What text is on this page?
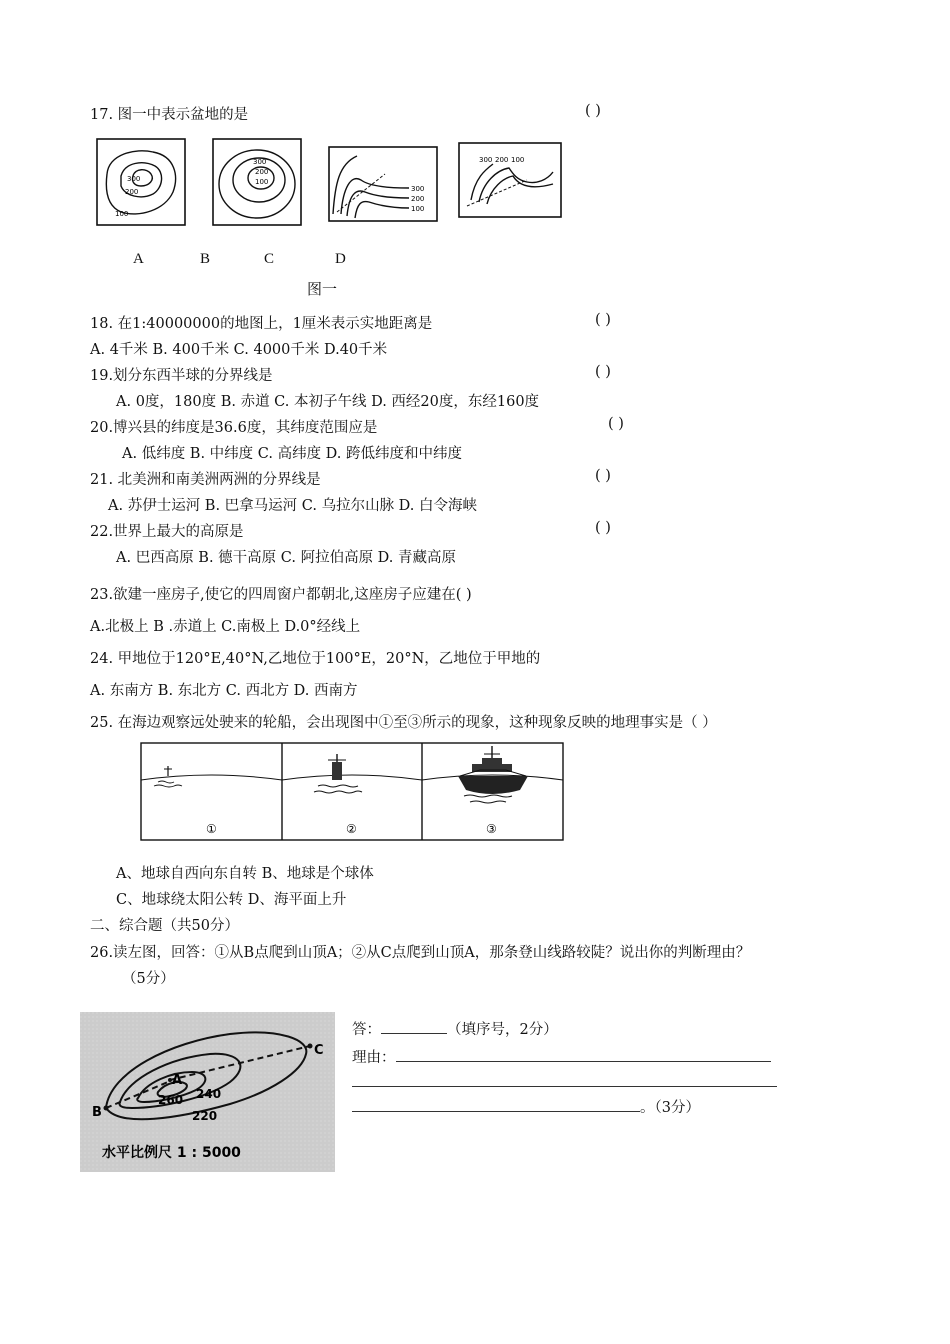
17. 图一中表示盆地的是	( )
300
200
100
300
200
100
300
200
100
300 200 100
A	B	C	D
图一
18. 在1:40000000的地图上，1厘米表示实地距离是	( )
A. 4千米 B. 400千米 C. 4000千米 D.40千米
19.划分东西半球的分界线是	( )
A. 0度，180度 B. 赤道 C. 本初子午线 D. 西经20度，东经160度
20.博兴县的纬度是36.6度，其纬度范围应是	( )
A. 低纬度 B. 中纬度 C. 高纬度 D. 跨低纬度和中纬度
21. 北美洲和南美洲两洲的分界线是	( )
A. 苏伊士运河 B. 巴拿马运河 C. 乌拉尔山脉 D. 白令海峡
22.世界上最大的高原是	( )
A. 巴西高原 B. 德干高原 C. 阿拉伯高原 D. 青藏高原
23.欲建一座房子,使它的四周窗户都朝北,这座房子应建在( )
A.北极上 B .赤道上 C.南极上 D.0°经线上
24. 甲地位于120°E,40°N,乙地位于100°E，20°N，乙地位于甲地的
A. 东南方 B. 东北方 C. 西北方 D. 西南方
25. 在海边观察远处驶来的轮船，会出现图中①至③所示的现象，这种现象反映的地理事实是（ ）
①	②	③
A、地球自西向东自转 B、地球是个球体
C、地球绕太阳公转 D、海平面上升
二、综合题（共50分）
26.读左图，回答：①从B点爬到山顶A；②从C点爬到山顶A，那条登山线路较陡？说出你的判断理由？
（5分）
A
260 240
220
B
C
水平比例尺 1 : 5000
答：	（填序号，2分）
理由：
。（3分）
